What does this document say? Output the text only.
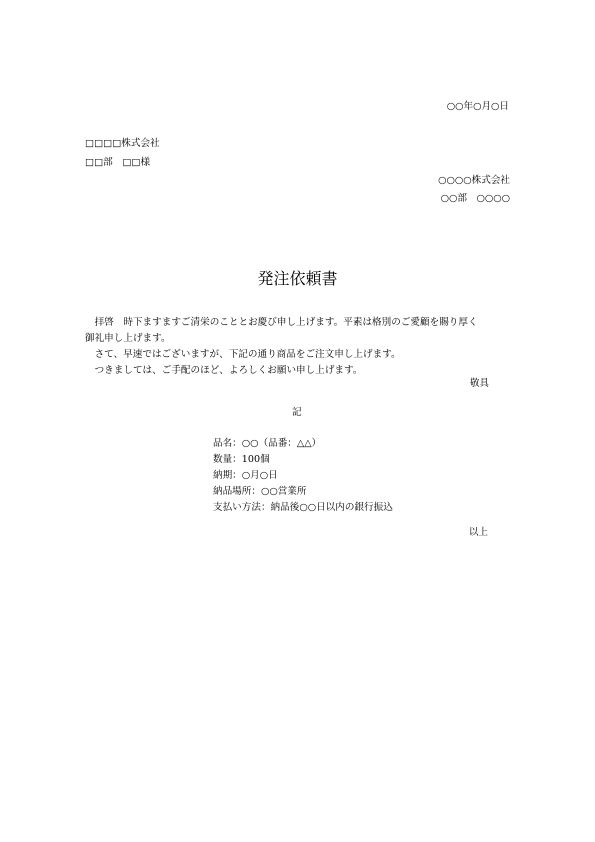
○○年○月○日
□□□□株式会社
□□部　□□様
○○○○株式会社
○○部　○○○○
発注依頼書

　拝啓　時下ますますご清栄のこととお慶び申し上げます。平素は格別のご愛顧を賜り厚く

御礼申し上げます。

　さて、早速ではございますが、下記の通り商品をご注文申し上げます。

　つきましては、ご手配のほど、よろしくお願い申し上げます。

敬具
記
品名：○○（品番：△△）
数量：100個
納期：○月○日
納品場所：○○営業所
支払い方法：納品後○○日以内の銀行振込
以上
